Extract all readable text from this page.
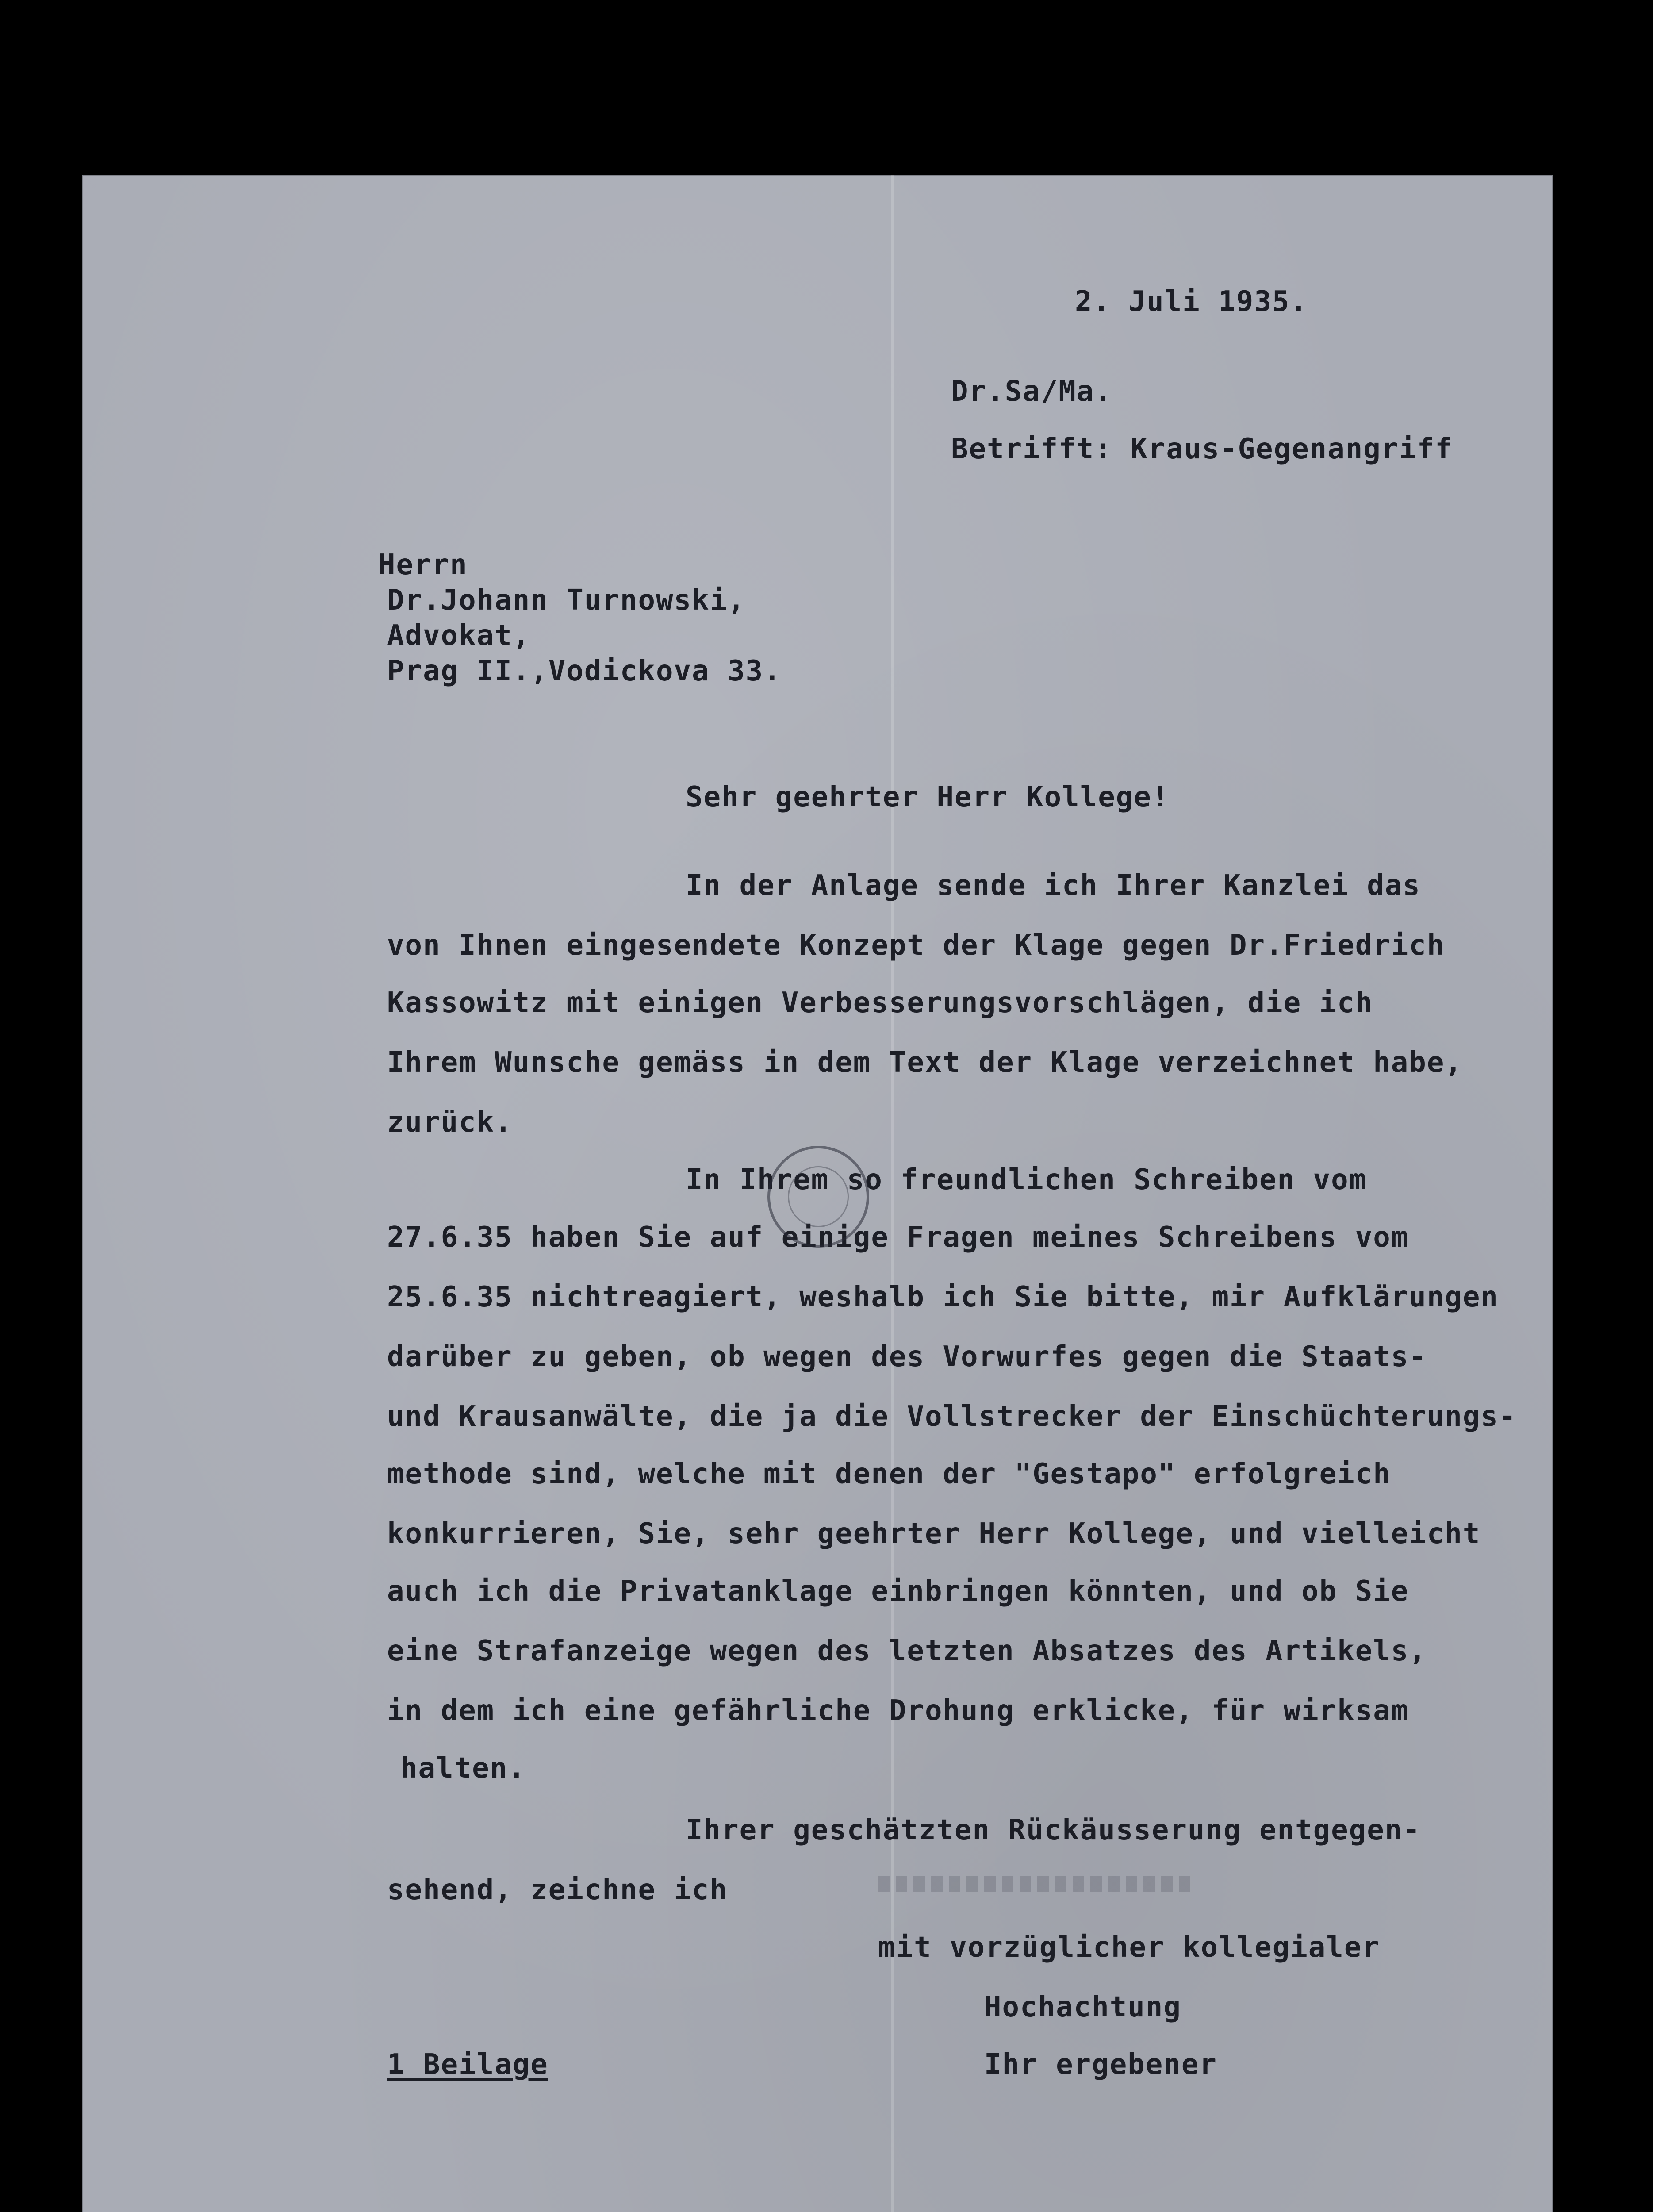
2. Juli 1935.
Dr.Sa/Ma.
Betrifft: Kraus-Gegenangriff
Herrn
Dr.Johann Turnowski,
Advokat,
Prag II.,Vodickova 33.
Sehr geehrter Herr Kollege!
In der Anlage sende ich Ihrer Kanzlei das
von Ihnen eingesendete Konzept der Klage gegen Dr.Friedrich
Kassowitz mit einigen Verbesserungsvorschlägen, die ich
Ihrem Wunsche gemäss in dem Text der Klage verzeichnet habe,
zurück.
In Ihrem so freundlichen Schreiben vom
27.6.35 haben Sie auf einige Fragen meines Schreibens vom
25.6.35 nichtreagiert, weshalb ich Sie bitte, mir Aufklärungen
darüber zu geben, ob wegen des Vorwurfes gegen die Staats-
und Krausanwälte, die ja die Vollstrecker der Einschüchterungs-
methode sind, welche mit denen der "Gestapo" erfolgreich
konkurrieren, Sie, sehr geehrter Herr Kollege, und vielleicht
auch ich die Privatanklage einbringen könnten, und ob Sie
eine Strafanzeige wegen des letzten Absatzes des Artikels,
in dem ich eine gefährliche Drohung erklicke, für wirksam
halten.
Ihrer geschätzten Rückäusserung entgegen-
sehend, zeichne ich
mit vorzüglicher kollegialer
Hochachtung
Ihr ergebener
1 Beilage
